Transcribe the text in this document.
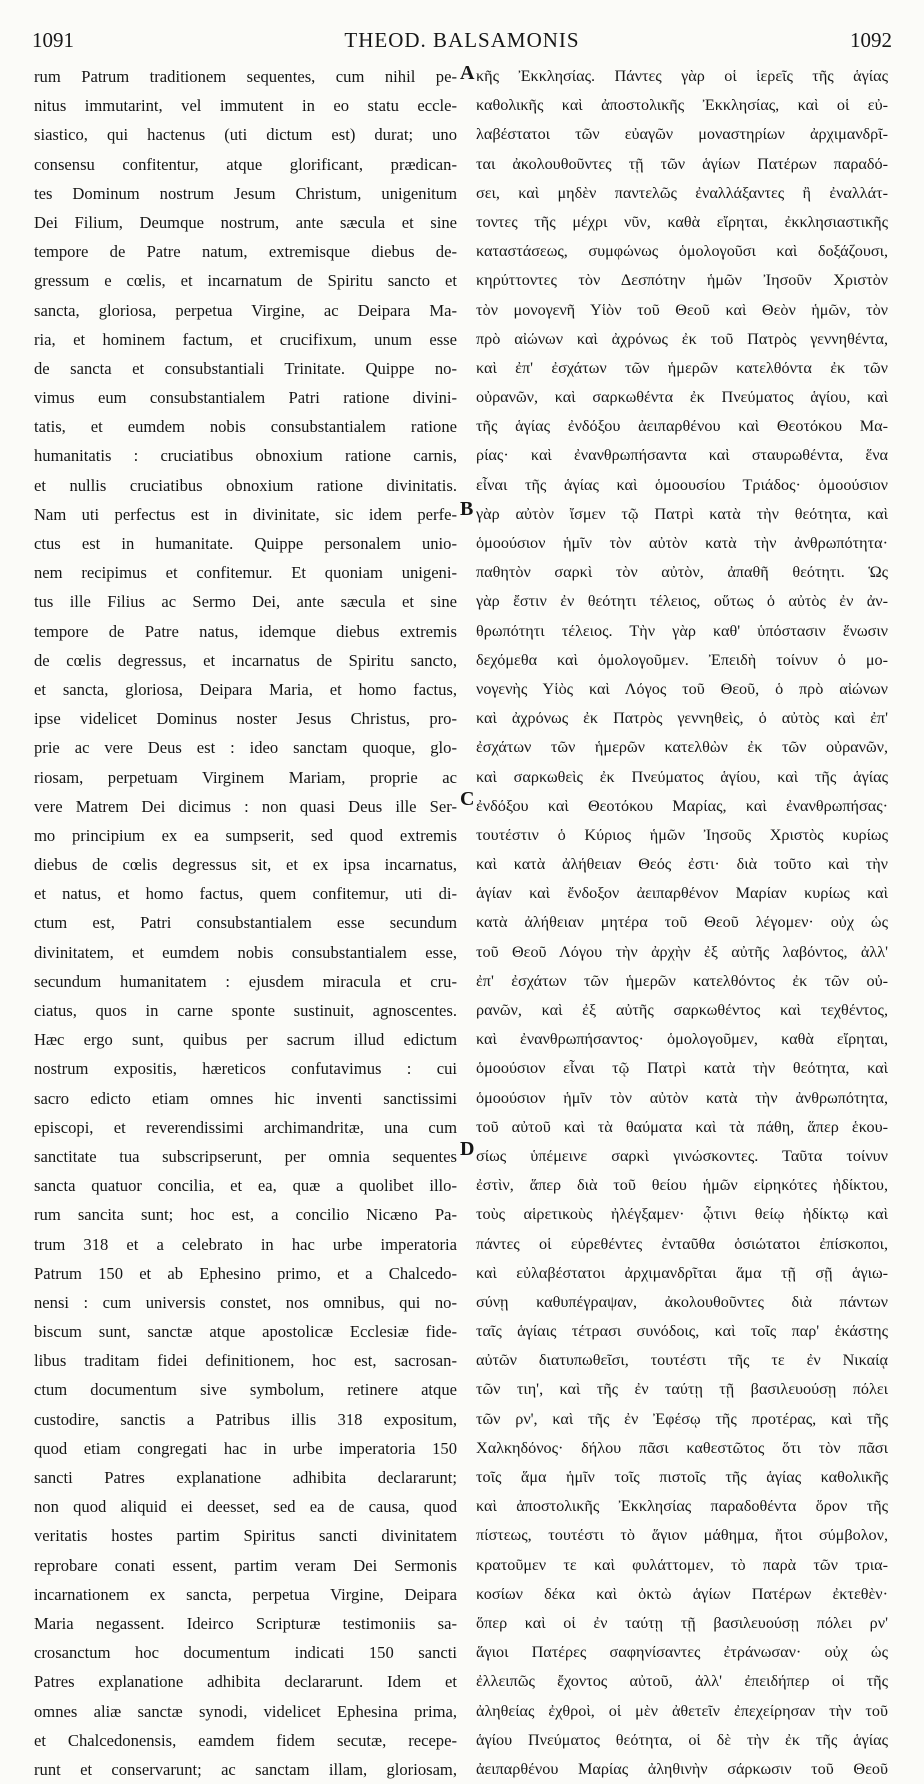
1091	THEOD. BALSAMONIS	1092
rum Patrum traditionem sequentes, cum nihil pe-
nitus immutarint, vel immutent in eo statu eccle-
siastico, qui hactenus (uti dictum est) durat; uno
consensu confitentur, atque glorificant, prædican-
tes Dominum nostrum Jesum Christum, unigenitum
Dei Filium, Deumque nostrum, ante sæcula et sine
tempore de Patre natum, extremisque diebus de-
gressum e cœlis, et incarnatum de Spiritu sancto et
sancta, gloriosa, perpetua Virgine, ac Deipara Ma-
ria, et hominem factum, et crucifixum, unum esse
de sancta et consubstantiali Trinitate. Quippe no-
vimus eum consubstantialem Patri ratione divini-
tatis, et eumdem nobis consubstantialem ratione
humanitatis : cruciatibus obnoxium ratione carnis,
et nullis cruciatibus obnoxium ratione divinitatis.
Nam uti perfectus est in divinitate, sic idem perfe-
ctus est in humanitate. Quippe personalem unio-
nem recipimus et confitemur. Et quoniam unigeni-
tus ille Filius ac Sermo Dei, ante sæcula et sine
tempore de Patre natus, idemque diebus extremis
de cœlis degressus, et incarnatus de Spiritu sancto,
et sancta, gloriosa, Deipara Maria, et homo factus,
ipse videlicet Dominus noster Jesus Christus, pro-
prie ac vere Deus est : ideo sanctam quoque, glo-
riosam, perpetuam Virginem Mariam, proprie ac
vere Matrem Dei dicimus : non quasi Deus ille Ser-
mo principium ex ea sumpserit, sed quod extremis
diebus de cœlis degressus sit, et ex ipsa incarnatus,
et natus, et homo factus, quem confitemur, uti di-
ctum est, Patri consubstantialem esse secundum
divinitatem, et eumdem nobis consubstantialem esse,
secundum humanitatem : ejusdem miracula et cru-
ciatus, quos in carne sponte sustinuit, agnoscentes.
Hæc ergo sunt, quibus per sacrum illud edictum
nostrum expositis, hæreticos confutavimus : cui
sacro edicto etiam omnes hic inventi sanctissimi
episcopi, et reverendissimi archimandritæ, una cum
sanctitate tua subscripserunt, per omnia sequentes
sancta quatuor concilia, et ea, quæ a quolibet illo-
rum sancita sunt; hoc est, a concilio Nicæno Pa-
trum 318 et a celebrato in hac urbe imperatoria
Patrum 150 et ab Ephesino primo, et a Chalcedo-
nensi : cum universis constet, nos omnibus, qui no-
biscum sunt, sanctæ atque apostolicæ Ecclesiæ fide-
libus traditam fidei definitionem, hoc est, sacrosan-
ctum documentum sive symbolum, retinere atque
custodire, sanctis a Patribus illis 318 expositum,
quod etiam congregati hac in urbe imperatoria 150
sancti Patres explanatione adhibita declararunt;
non quod aliquid ei deesset, sed ea de causa, quod
veritatis hostes partim Spiritus sancti divinitatem
reprobare conati essent, partim veram Dei Sermonis
incarnationem ex sancta, perpetua Virgine, Deipara
Maria negassent. Ideirco Scripturæ testimoniis sa-
crosanctum hoc documentum indicati 150 sancti
Patres explanatione adhibita declararunt. Idem et
omnes aliæ sanctæ synodi, videlicet Ephesina prima,
et Chalcedonensis, eamdem fidem secutæ, recepe-
runt et conservarunt; ac sanctam illam, gloriosam,
κῆς Ἐκκλησίας. Πάντες γὰρ οἱ ἱερεῖς τῆς ἁγίας
καθολικῆς καὶ ἀποστολικῆς Ἐκκλησίας, καὶ οἱ εὐ-
λαβέστατοι τῶν εὐαγῶν μοναστηρίων ἀρχιμανδρῖ-
ται ἀκολουθοῦντες τῇ τῶν ἁγίων Πατέρων παραδό-
σει, καὶ μηδὲν παντελῶς ἐναλλάξαντες ἢ ἐναλλάτ-
τοντες τῆς μέχρι νῦν, καθὰ εἴρηται, ἐκκλησιαστικῆς
καταστάσεως, συμφώνως ὁμολογοῦσι καὶ δοξάζουσι,
κηρύττοντες τὸν Δεσπότην ἡμῶν Ἰησοῦν Χριστὸν
τὸν μονογενῆ Υἱὸν τοῦ Θεοῦ καὶ Θεὸν ἡμῶν, τὸν
πρὸ αἰώνων καὶ ἀχρόνως ἐκ τοῦ Πατρὸς γεννηθέντα,
καὶ ἐπ' ἐσχάτων τῶν ἡμερῶν κατελθόντα ἐκ τῶν
οὐρανῶν, καὶ σαρκωθέντα ἐκ Πνεύματος ἁγίου, καὶ
τῆς ἁγίας ἐνδόξου ἀειπαρθένου καὶ Θεοτόκου Μα-
ρίας· καὶ ἐνανθρωπήσαντα καὶ σταυρωθέντα, ἕνα
εἶναι τῆς ἁγίας καὶ ὁμοουσίου Τριάδος· ὁμοούσιον
γὰρ αὐτὸν ἴσμεν τῷ Πατρὶ κατὰ τὴν θεότητα, καὶ
ὁμοούσιον ἡμῖν τὸν αὐτὸν κατὰ τὴν ἀνθρωπότητα·
παθητὸν σαρκὶ τὸν αὐτὸν, ἀπαθῆ θεότητι. Ὡς
γὰρ ἔστιν ἐν θεότητι τέλειος, οὕτως ὁ αὐτὸς ἐν ἀν-
θρωπότητι τέλειος. Τὴν γὰρ καθ' ὑπόστασιν ἕνωσιν
δεχόμεθα καὶ ὁμολογοῦμεν. Ἐπειδὴ τοίνυν ὁ μο-
νογενὴς Υἱὸς καὶ Λόγος τοῦ Θεοῦ, ὁ πρὸ αἰώνων
καὶ ἀχρόνως ἐκ Πατρὸς γεννηθεὶς, ὁ αὐτὸς καὶ ἐπ'
ἐσχάτων τῶν ἡμερῶν κατελθὼν ἐκ τῶν οὐρανῶν,
καὶ σαρκωθεὶς ἐκ Πνεύματος ἁγίου, καὶ τῆς ἁγίας
ἐνδόξου καὶ Θεοτόκου Μαρίας, καὶ ἐνανθρωπήσας·
τουτέστιν ὁ Κύριος ἡμῶν Ἰησοῦς Χριστὸς κυρίως
καὶ κατὰ ἀλήθειαν Θεός ἐστι· διὰ τοῦτο καὶ τὴν
ἁγίαν καὶ ἔνδοξον ἀειπαρθένον Μαρίαν κυρίως καὶ
κατὰ ἀλήθειαν μητέρα τοῦ Θεοῦ λέγομεν· οὐχ ὡς
τοῦ Θεοῦ Λόγου τὴν ἀρχὴν ἐξ αὐτῆς λαβόντος, ἀλλ'
ἐπ' ἐσχάτων τῶν ἡμερῶν κατελθόντος ἐκ τῶν οὐ-
ρανῶν, καὶ ἐξ αὐτῆς σαρκωθέντος καὶ τεχθέντος,
καὶ ἐνανθρωπήσαντος· ὁμολογοῦμεν, καθὰ εἴρηται,
ὁμοούσιον εἶναι τῷ Πατρὶ κατὰ τὴν θεότητα, καὶ
ὁμοούσιον ἡμῖν τὸν αὐτὸν κατὰ τὴν ἀνθρωπότητα,
τοῦ αὐτοῦ καὶ τὰ θαύματα καὶ τὰ πάθη, ἅπερ ἑκου-
σίως ὑπέμεινε σαρκὶ γινώσκοντες. Ταῦτα τοίνυν
ἐστὶν, ἅπερ διὰ τοῦ θείου ἡμῶν εἰρηκότες ἠδίκτου,
τοὺς αἱρετικοὺς ἠλέγξαμεν· ᾧτινι θείῳ ἠδίκτῳ καὶ
πάντες οἱ εὑρεθέντες ἐνταῦθα ὁσιώτατοι ἐπίσκοποι,
καὶ εὐλαβέστατοι ἀρχιμανδρῖται ἅμα τῇ σῇ ἁγιω-
σύνῃ καθυπέγραψαν, ἀκολουθοῦντες διὰ πάντων
ταῖς ἁγίαις τέτρασι συνόδοις, καὶ τοῖς παρ' ἑκάστης
αὐτῶν διατυπωθεῖσι, τουτέστι τῆς τε ἐν Νικαίᾳ
τῶν τιη', καὶ τῆς ἐν ταύτῃ τῇ βασιλευούσῃ πόλει
τῶν ρν', καὶ τῆς ἐν Ἐφέσῳ τῆς προτέρας, καὶ τῆς
Χαλκηδόνος· δήλου πᾶσι καθεστῶτος ὅτι τὸν πᾶσι
τοῖς ἅμα ἡμῖν τοῖς πιστοῖς τῆς ἁγίας καθολικῆς
καὶ ἀποστολικῆς Ἐκκλησίας παραδοθέντα ὅρον τῆς
πίστεως, τουτέστι τὸ ἅγιον μάθημα, ἤτοι σύμβολον,
κρατοῦμεν τε καὶ φυλάττομεν, τὸ παρὰ τῶν τρια-
κοσίων δέκα καὶ ὀκτὼ ἁγίων Πατέρων ἐκτεθὲν·
ὅπερ καὶ οἱ ἐν ταύτῃ τῇ βασιλευούσῃ πόλει ρν'
ἅγιοι Πατέρες σαφηνίσαντες ἐτράνωσαν· οὐχ ὡς
ἐλλειπῶς ἔχοντος αὐτοῦ, ἀλλ' ἐπειδήπερ οἱ τῆς
ἀληθείας ἐχθροὶ, οἱ μὲν ἀθετεῖν ἐπεχείρησαν τὴν τοῦ
ἁγίου Πνεύματος θεότητα, οἱ δὲ τὴν ἐκ τῆς ἁγίας
ἀειπαρθένου Μαρίας ἀληθινὴν σάρκωσιν τοῦ Θεοῦ
A
B
C
D
